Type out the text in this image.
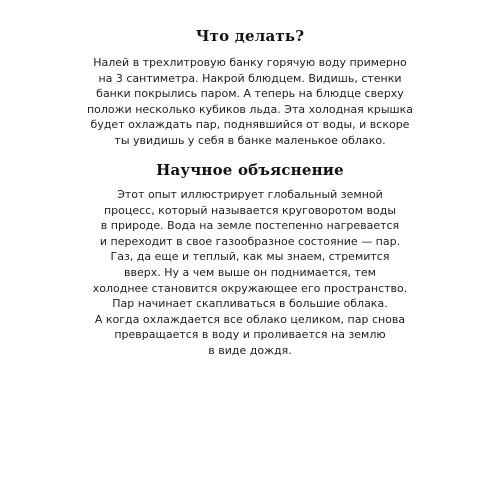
Что делать?

Налей в трехлитровую банку горячую воду примерно
на 3 сантиметра. Накрой блюдцем. Видишь, стенки
банки покрылись паром. А теперь на блюдце сверху
положи несколько кубиков льда. Эта холодная крышка
будет охлаждать пар, поднявшийся от воды, и вскоре
ты увидишь у себя в банке маленькое облако.

Научное объяснение

Этот опыт иллюстрирует глобальный земной
процесс, который называется круговоротом воды
в природе. Вода на земле постепенно нагревается
и переходит в свое газообразное состояние — пар.
Газ, да еще и теплый, как мы знаем, стремится
вверх. Ну а чем выше он поднимается, тем
холоднее становится окружающее его пространство.
Пар начинает скапливаться в большие облака.
А когда охлаждается все облако целиком, пар снова
превращается в воду и проливается на землю
в виде дождя.
